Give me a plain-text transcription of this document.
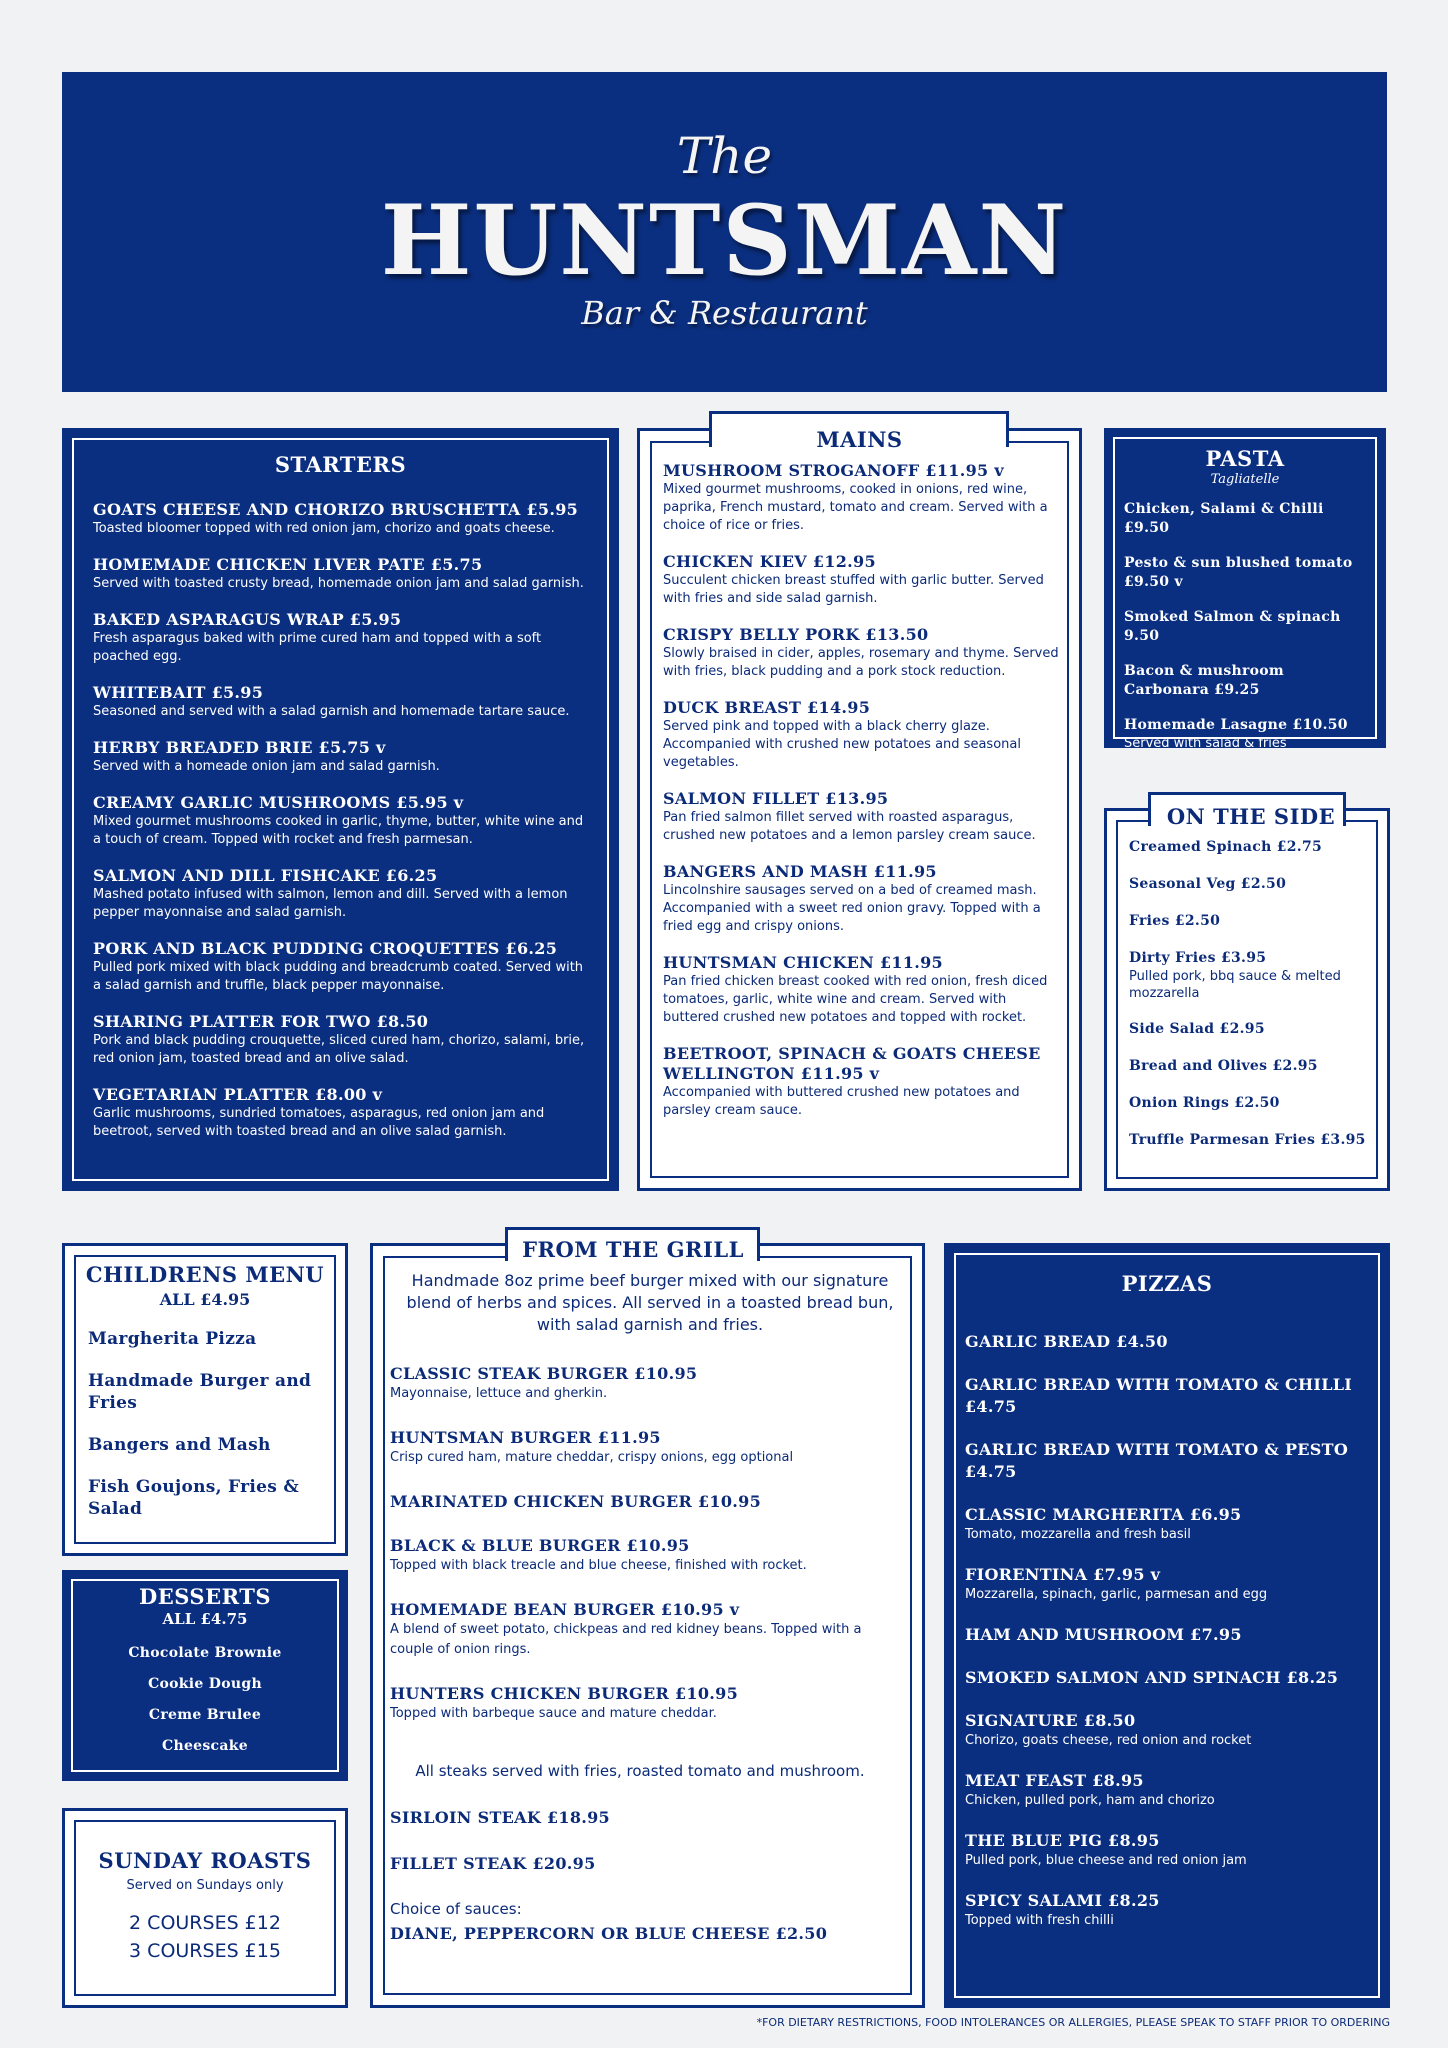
The
HUNTSMAN
Bar & Restaurant
STARTERS
GOATS CHEESE AND CHORIZO BRUSCHETTA £5.95
Toasted bloomer topped with red onion jam, chorizo and goats cheese.
HOMEMADE CHICKEN LIVER PATE £5.75
Served with toasted crusty bread, homemade onion jam and salad garnish.
BAKED ASPARAGUS WRAP £5.95
Fresh asparagus baked with prime cured ham and topped with a soft poached egg.
WHITEBAIT £5.95
Seasoned and served with a salad garnish and homemade tartare sauce.
HERBY BREADED BRIE £5.75 v
Served with a homeade onion jam and salad garnish.
CREAMY GARLIC MUSHROOMS £5.95 v
Mixed gourmet mushrooms cooked in garlic, thyme, butter, white wine and a touch of cream. Topped with rocket and fresh parmesan.
SALMON AND DILL FISHCAKE £6.25
Mashed potato infused with salmon, lemon and dill. Served with a lemon pepper mayonnaise and salad garnish.
PORK AND BLACK PUDDING CROQUETTES £6.25
Pulled pork mixed with black pudding and breadcrumb coated. Served with a salad garnish and truffle, black pepper mayonnaise.
SHARING PLATTER FOR TWO £8.50
Pork and black pudding crouquette, sliced cured ham, chorizo, salami, brie, red onion jam, toasted bread and an olive salad.
VEGETARIAN PLATTER £8.00 v
Garlic mushrooms, sundried tomatoes, asparagus, red onion jam and beetroot, served with toasted bread and an olive salad garnish.
MAINS
MUSHROOM STROGANOFF £11.95 v
Mixed gourmet mushrooms, cooked in onions, red wine, paprika, French mustard, tomato and cream. Served with a choice of rice or fries.
CHICKEN KIEV £12.95
Succulent chicken breast stuffed with garlic butter. Served with fries and side salad garnish.
CRISPY BELLY PORK £13.50
Slowly braised in cider, apples, rosemary and thyme. Served with fries, black pudding and a pork stock reduction.
DUCK BREAST £14.95
Served pink and topped with a black cherry glaze. Accompanied with crushed new potatoes and seasonal vegetables.
SALMON FILLET £13.95
Pan fried salmon fillet served with roasted asparagus, crushed new potatoes and a lemon parsley cream sauce.
BANGERS AND MASH £11.95
Lincolnshire sausages served on a bed of creamed mash. Accompanied with a sweet red onion gravy. Topped with a fried egg and crispy onions.
HUNTSMAN CHICKEN £11.95
Pan fried chicken breast cooked with red onion, fresh diced tomatoes, garlic, white wine and cream. Served with buttered crushed new potatoes and topped with rocket.
BEETROOT, SPINACH & GOATS CHEESE WELLINGTON £11.95 v
Accompanied with buttered crushed new potatoes and parsley cream sauce.
PASTA
Tagliatelle
Chicken, Salami & Chilli £9.50
Pesto & sun blushed tomato £9.50 v
Smoked Salmon & spinach 9.50
Bacon & mushroom Carbonara £9.25
Homemade Lasagne £10.50
Served with salad & fries
ON THE SIDE
Creamed Spinach £2.75
Seasonal Veg £2.50
Fries £2.50
Dirty Fries £3.95
Pulled pork, bbq sauce & melted mozzarella
Side Salad £2.95
Bread and Olives £2.95
Onion Rings £2.50
Truffle Parmesan Fries £3.95
CHILDRENS MENU
ALL £4.95
Margherita Pizza
Handmade Burger and Fries
Bangers and Mash
Fish Goujons, Fries & Salad
DESSERTS
ALL £4.75
Chocolate Brownie
Cookie Dough
Creme Brulee
Cheescake
SUNDAY ROASTS
Served on Sundays only
2 COURSES £12
3 COURSES £15
FROM THE GRILL
Handmade 8oz prime beef burger mixed with our signature blend of herbs and spices. All served in a toasted bread bun, with salad garnish and fries.
CLASSIC STEAK BURGER £10.95
Mayonnaise, lettuce and gherkin.
HUNTSMAN BURGER £11.95
Crisp cured ham, mature cheddar, crispy onions, egg optional
MARINATED CHICKEN BURGER £10.95
BLACK & BLUE BURGER £10.95
Topped with black treacle and blue cheese, finished with rocket.
HOMEMADE BEAN BURGER £10.95 v
A blend of sweet potato, chickpeas and red kidney beans. Topped with a couple of onion rings.
HUNTERS CHICKEN BURGER £10.95
Topped with barbeque sauce and mature cheddar.
All steaks served with fries, roasted tomato and mushroom.
SIRLOIN STEAK £18.95
FILLET STEAK £20.95
Choice of sauces:
DIANE, PEPPERCORN OR BLUE CHEESE £2.50
PIZZAS
GARLIC BREAD £4.50
GARLIC BREAD WITH TOMATO & CHILLI £4.75
GARLIC BREAD WITH TOMATO & PESTO £4.75
CLASSIC MARGHERITA £6.95
Tomato, mozzarella and fresh basil
FIORENTINA £7.95 v
Mozzarella, spinach, garlic, parmesan and egg
HAM AND MUSHROOM £7.95
SMOKED SALMON AND SPINACH £8.25
SIGNATURE £8.50
Chorizo, goats cheese, red onion and rocket
MEAT FEAST £8.95
Chicken, pulled pork, ham and chorizo
THE BLUE PIG £8.95
Pulled pork, blue cheese and red onion jam
SPICY SALAMI £8.25
Topped with fresh chilli
*FOR DIETARY RESTRICTIONS, FOOD INTOLERANCES OR ALLERGIES, PLEASE SPEAK TO STAFF PRIOR TO ORDERING
